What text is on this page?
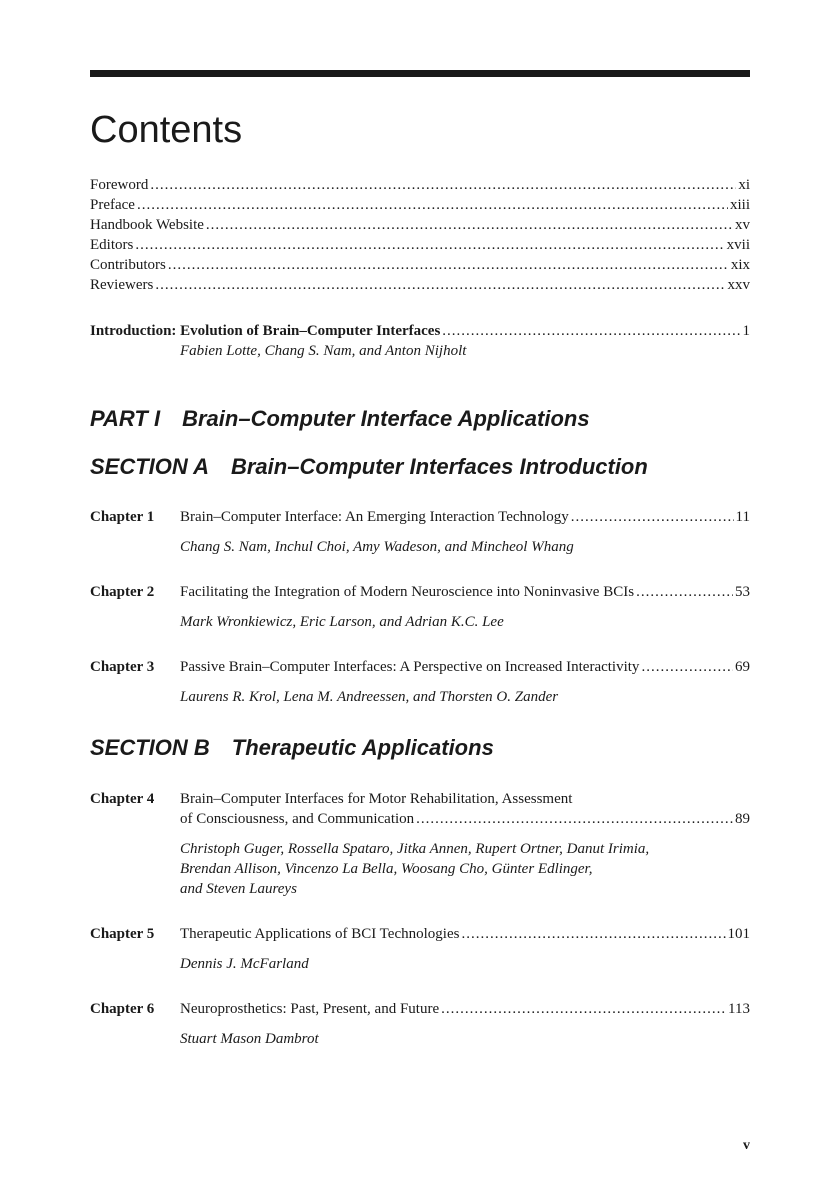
Contents
Foreword .....	xi
Preface .....	xiii
Handbook Website .....	xv
Editors .....	xvii
Contributors .....	xix
Reviewers .....	xxv
Introduction: Evolution of Brain–Computer Interfaces .....	1
Fabien Lotte, Chang S. Nam, and Anton Nijholt
PART I Brain–Computer Interface Applications
SECTION A Brain–Computer Interfaces Introduction
Chapter 1 Brain–Computer Interface: An Emerging Interaction Technology .....	11
Chang S. Nam, Inchul Choi, Amy Wadeson, and Mincheol Whang
Chapter 2 Facilitating the Integration of Modern Neuroscience into Noninvasive BCIs .....	53
Mark Wronkiewicz, Eric Larson, and Adrian K.C. Lee
Chapter 3 Passive Brain–Computer Interfaces: A Perspective on Increased Interactivity .....	69
Laurens R. Krol, Lena M. Andreessen, and Thorsten O. Zander
SECTION B Therapeutic Applications
Chapter 4 Brain–Computer Interfaces for Motor Rehabilitation, Assessment
of Consciousness, and Communication .....	89
Christoph Guger, Rossella Spataro, Jitka Annen, Rupert Ortner, Danut Irimia,
Brendan Allison, Vincenzo La Bella, Woosang Cho, Günter Edlinger,
and Steven Laureys
Chapter 5 Therapeutic Applications of BCI Technologies .....	101
Dennis J. McFarland
Chapter 6 Neuroprosthetics: Past, Present, and Future .....	113
Stuart Mason Dambrot
v
